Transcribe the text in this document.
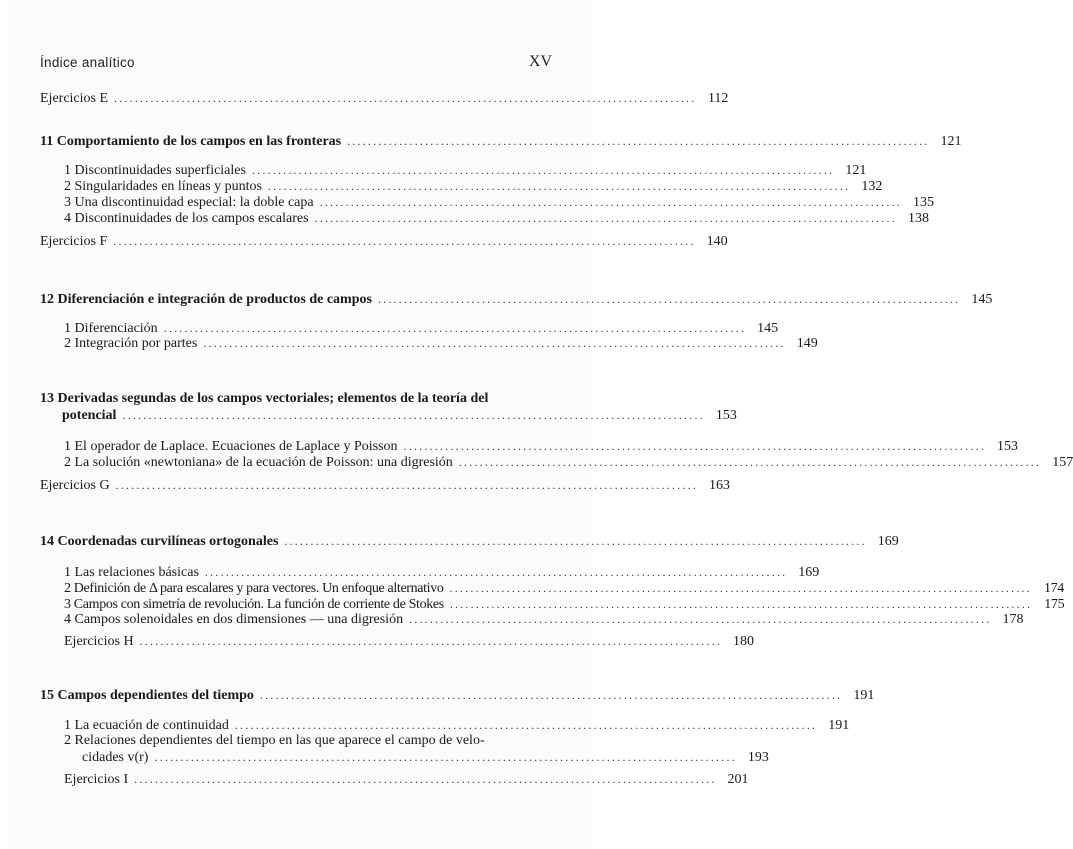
Índice analítico	XV
Ejercicios E ................................................................................................................ 112
11 Comportamiento de los campos en las fronteras ................................................................................................................ 121
1 Discontinuidades superficiales ................................................................................................................ 121
2 Singularidades en líneas y puntos ................................................................................................................ 132
3 Una discontinuidad especial: la doble capa ................................................................................................................ 135
4 Discontinuidades de los campos escalares ................................................................................................................ 138
Ejercicios F ................................................................................................................ 140
12 Diferenciación e integración de productos de campos ................................................................................................................ 145
1 Diferenciación ................................................................................................................ 145
2 Integración por partes ................................................................................................................ 149
13 Derivadas segundas de los campos vectoriales; elementos de la teoría del
potencial ................................................................................................................ 153
1 El operador de Laplace. Ecuaciones de Laplace y Poisson ................................................................................................................ 153
2 La solución «newtoniana» de la ecuación de Poisson: una digresión ................................................................................................................ 157
Ejercicios G ................................................................................................................ 163
14 Coordenadas curvilíneas ortogonales ................................................................................................................ 169
1 Las relaciones básicas ................................................................................................................ 169
2 Definición de Δ para escalares y para vectores. Un enfoque alternativo ................................................................................................................ 174
3 Campos con simetría de revolución. La función de corriente de Stokes ................................................................................................................ 175
4 Campos solenoidales en dos dimensiones — una digresión ................................................................................................................ 178
Ejercicios H ................................................................................................................ 180
15 Campos dependientes del tiempo ................................................................................................................ 191
1 La ecuación de continuidad ................................................................................................................ 191
2 Relaciones dependientes del tiempo en las que aparece el campo de velo-
cidades v(r) ................................................................................................................ 193
Ejercicios I ................................................................................................................ 201
